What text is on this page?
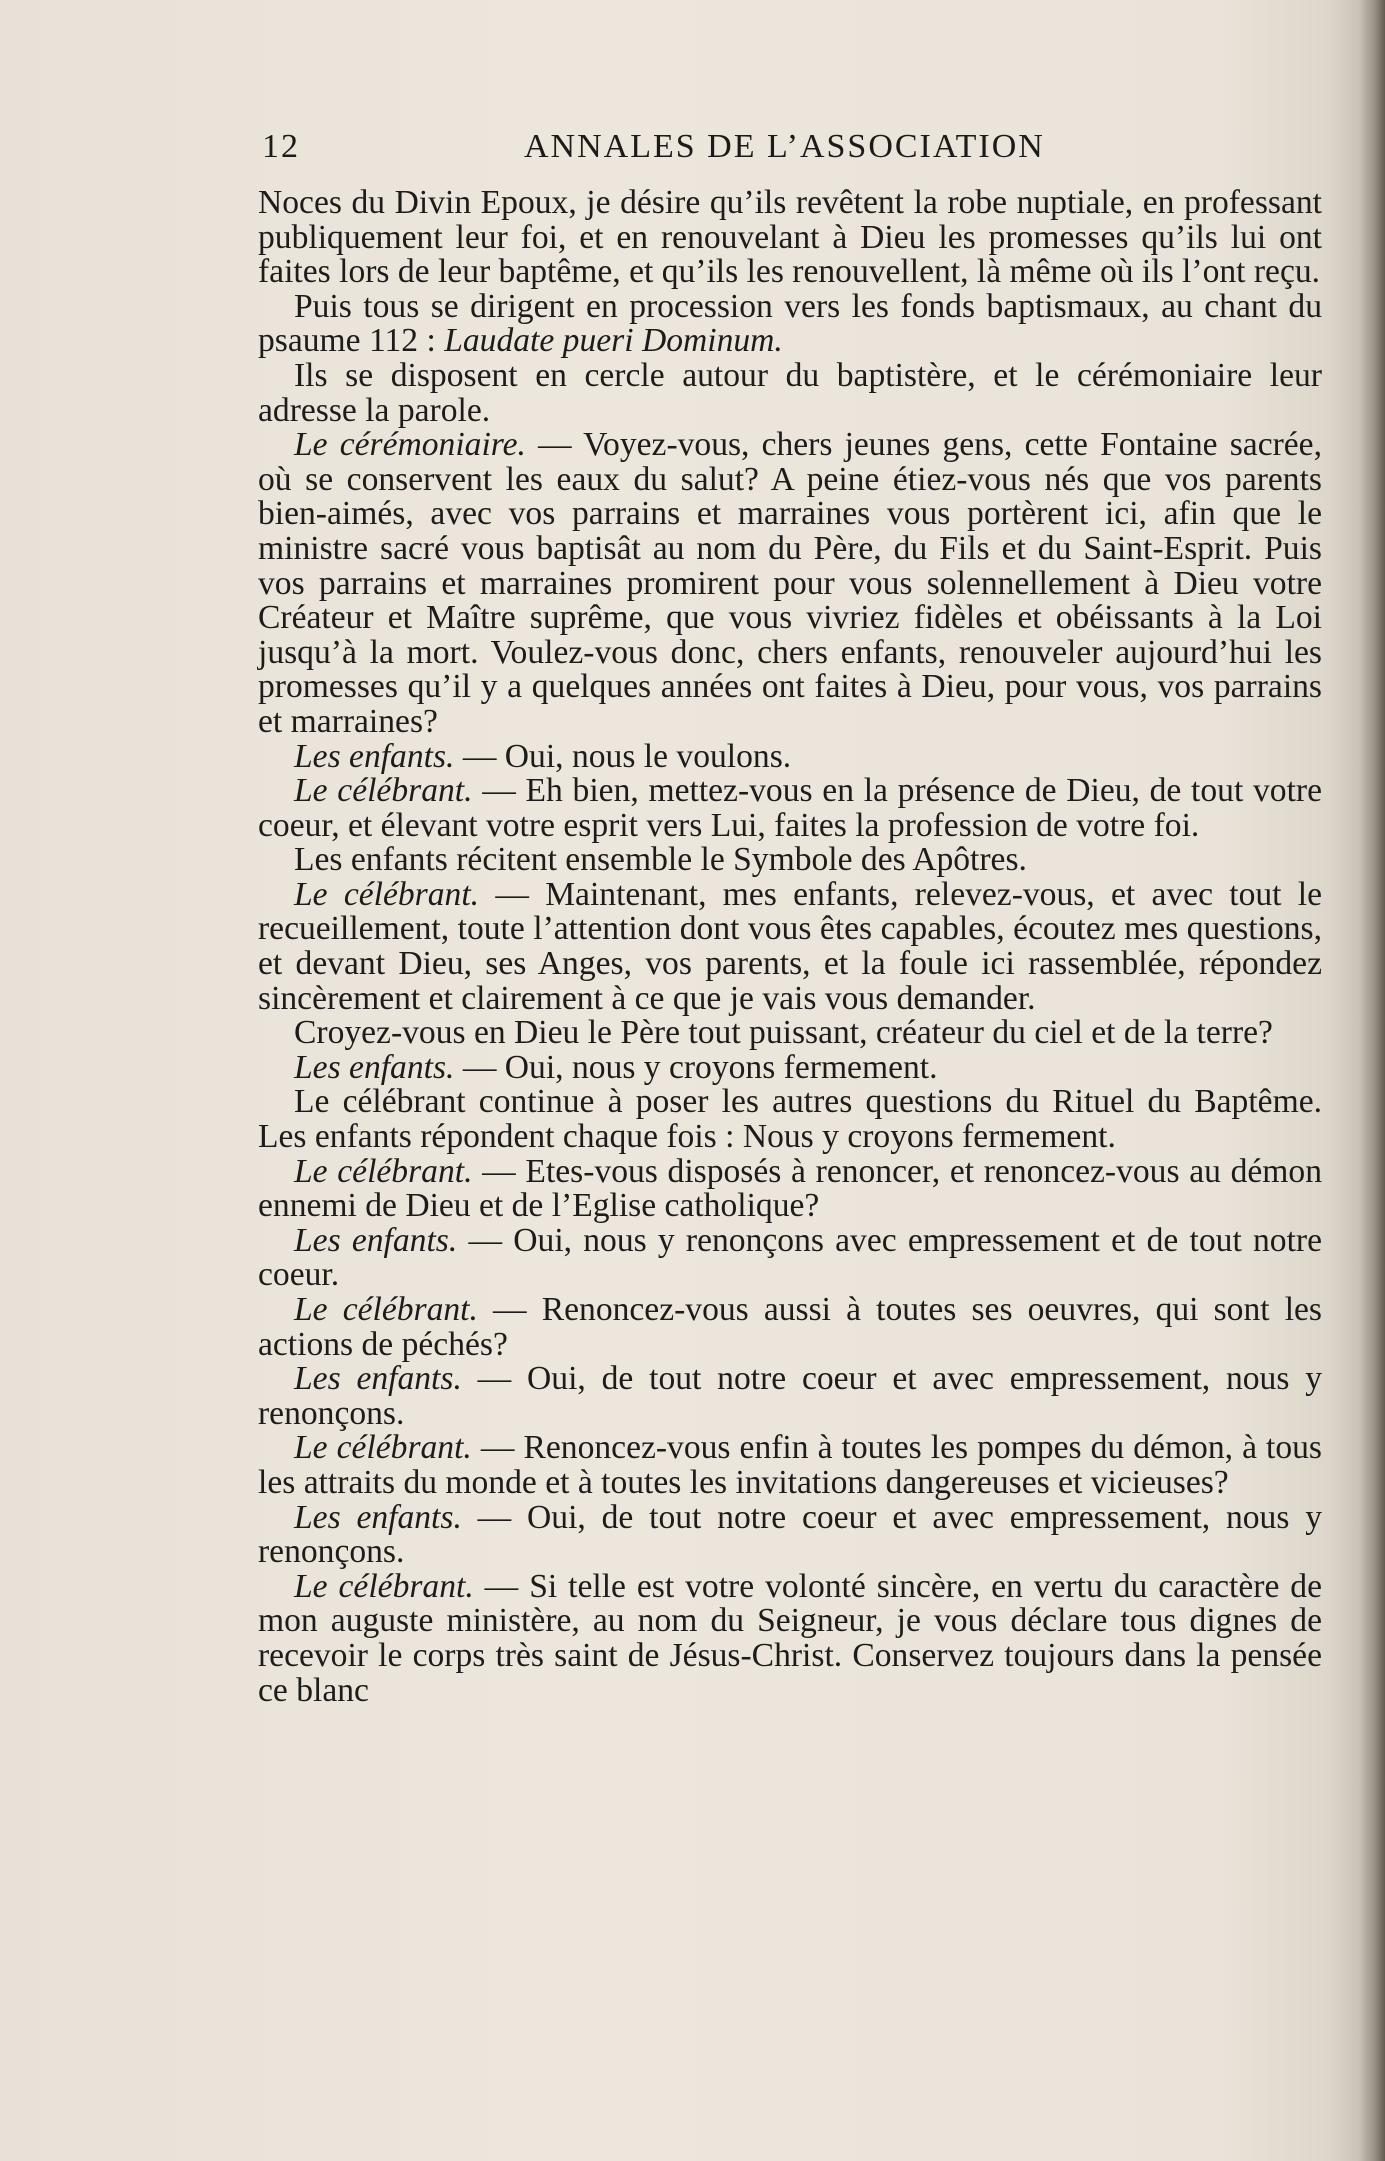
12	ANNALES DE L’ASSOCIATION

Noces du Divin Epoux, je désire qu’ils revêtent la robe nuptiale, en professant publiquement leur foi, et en renouvelant à Dieu les promesses qu’ils lui ont faites lors de leur baptême, et qu’ils les renouvellent, là même où ils l’ont reçu.

Puis tous se dirigent en procession vers les fonds baptismaux, au chant du psaume 112 : Laudate pueri Dominum.

Ils se disposent en cercle autour du baptistère, et le cérémoniaire leur adresse la parole.

Le cérémoniaire. — Voyez-vous, chers jeunes gens, cette Fontaine sacrée, où se conservent les eaux du salut? A peine étiez-vous nés que vos parents bien-aimés, avec vos parrains et marraines vous portèrent ici, afin que le ministre sacré vous baptisât au nom du Père, du Fils et du Saint-Esprit. Puis vos parrains et marraines promirent pour vous solennellement à Dieu votre Créateur et Maître suprême, que vous vivriez fidèles et obéissants à la Loi jusqu’à la mort. Voulez-vous donc, chers enfants, renouveler aujourd’hui les promesses qu’il y a quelques années ont faites à Dieu, pour vous, vos parrains et marraines?

Les enfants. — Oui, nous le voulons.

Le célébrant. — Eh bien, mettez-vous en la présence de Dieu, de tout votre coeur, et élevant votre esprit vers Lui, faites la profession de votre foi.

Les enfants récitent ensemble le Symbole des Apôtres.

Le célébrant. — Maintenant, mes enfants, relevez-vous, et avec tout le recueillement, toute l’attention dont vous êtes capables, écoutez mes questions, et devant Dieu, ses Anges, vos parents, et la foule ici rassemblée, répondez sincèrement et clairement à ce que je vais vous demander.

Croyez-vous en Dieu le Père tout puissant, créateur du ciel et de la terre?

Les enfants. — Oui, nous y croyons fermement.

Le célébrant continue à poser les autres questions du Rituel du Baptême. Les enfants répondent chaque fois : Nous y croyons fermement.

Le célébrant. — Etes-vous disposés à renoncer, et renoncez-vous au démon ennemi de Dieu et de l’Eglise catholique?

Les enfants. — Oui, nous y renonçons avec empressement et de tout notre coeur.

Le célébrant. — Renoncez-vous aussi à toutes ses oeuvres, qui sont les actions de péchés?

Les enfants. — Oui, de tout notre coeur et avec empressement, nous y renonçons.

Le célébrant. — Renoncez-vous enfin à toutes les pompes du démon, à tous les attraits du monde et à toutes les invitations dangereuses et vicieuses?

Les enfants. — Oui, de tout notre coeur et avec empressement, nous y renonçons.

Le célébrant. — Si telle est votre volonté sincère, en vertu du caractère de mon auguste ministère, au nom du Seigneur, je vous déclare tous dignes de recevoir le corps très saint de Jésus-Christ. Conservez toujours dans la pensée ce blanc
